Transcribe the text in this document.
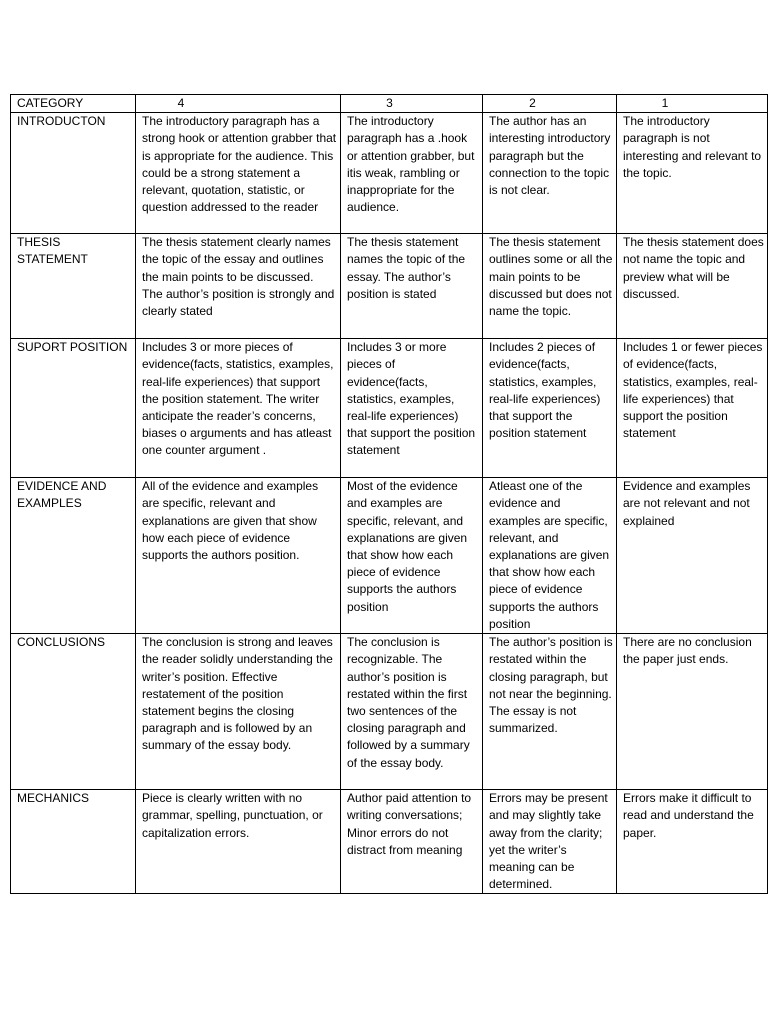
CATEGORY	4	3	2	1
INTRODUCTON	The introductory paragraph has a strong hook or attention grabber that is appropriate for the audience. This could be a strong statement a relevant, quotation, statistic, or question addressed to the reader	The introductory paragraph has a .hook or attention grabber, but itis weak, rambling or inappropriate for the audience.	The author has an interesting introductory paragraph but the connection to the topic is not clear.	The introductory paragraph is not interesting and relevant to the topic.
THESIS STATEMENT	The thesis statement clearly names the topic of the essay and outlines the main points to be discussed. The author’s position is strongly and clearly stated	The thesis statement names the topic of the essay. The author’s position is stated	The thesis statement outlines some or all the main points to be discussed but does not name the topic.	The thesis statement does not name the topic and preview what will be discussed.
SUPORT POSITION	Includes 3 or more pieces of evidence(facts, statistics, examples, real-life experiences) that support the position statement. The writer anticipate the reader’s concerns, biases o arguments and has atleast one counter argument .	Includes 3 or more pieces of evidence(facts, statistics, examples, real-life experiences) that support the position statement	Includes 2 pieces of evidence(facts, statistics, examples, real-life experiences) that support the position statement	Includes 1 or fewer pieces of evidence(facts, statistics, examples, real-life experiences) that support the position statement
EVIDENCE AND EXAMPLES	All of the evidence and examples are specific, relevant and explanations are given that show how each piece of evidence supports the authors position.	Most of the evidence and examples are specific, relevant, and explanations are given that show how each piece of evidence supports the authors position	Atleast one of the evidence and examples are specific, relevant, and explanations are given that show how each piece of evidence supports the authors position	Evidence and examples are not relevant and not explained
CONCLUSIONS	The conclusion is strong and leaves the reader solidly understanding the writer’s position. Effective restatement of the position statement begins the closing paragraph and is followed by an summary of the essay body.	The conclusion is recognizable. The author’s position is restated within the first two sentences of the closing paragraph and followed by a summary of the essay body.	The author’s position is restated within the closing paragraph, but not near the beginning. The essay is not summarized.	There are no conclusion the paper just ends.
MECHANICS	Piece is clearly written with no grammar, spelling, punctuation, or capitalization errors.	Author paid attention to writing conversations; Minor errors do not distract from meaning	Errors may be present and may slightly take away from the clarity; yet the writer’s meaning can be determined.	Errors make it difficult to read and understand the paper.
